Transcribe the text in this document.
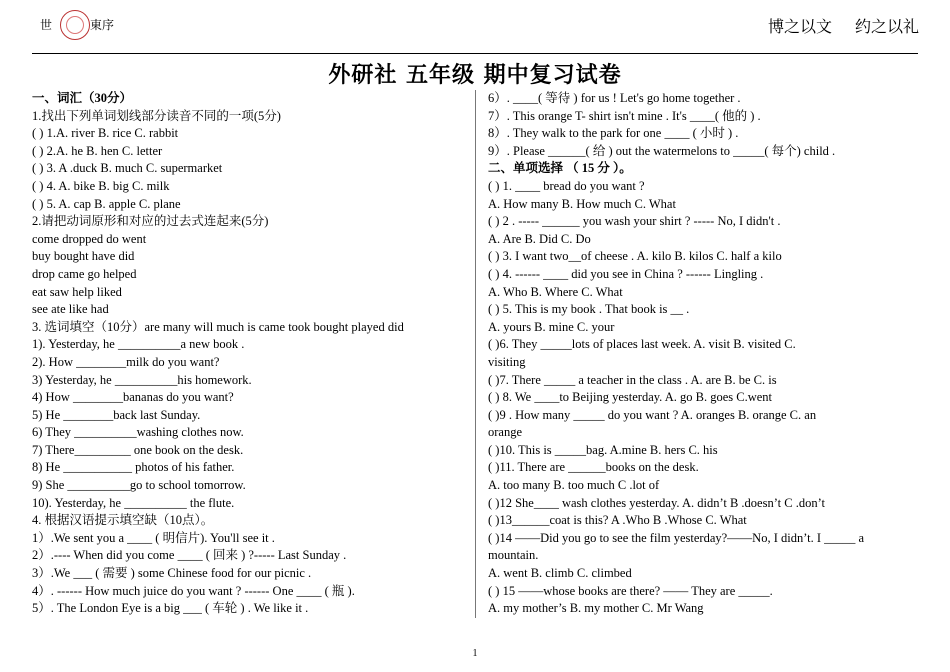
世	東序	博之以文 约之以礼
外研社 五年级 期中复习试卷
一、词汇（30分）
1.找出下列单词划线部分读音不同的一项(5分)
( ) 1.A. river B. rice C. rabbit
( ) 2.A. he B. hen C. letter
( ) 3. A .duck B. much C. supermarket
( ) 4. A. bike B. big C. milk
( ) 5. A. cap B. apple C. plane
2.请把动词原形和对应的过去式连起来(5分)
come dropped do went
buy bought have did
drop came go helped
eat saw help liked
see ate like had
3. 选词填空（10分）are many will much is came took bought played did
1). Yesterday, he __________a new book .
2). How ________milk do you want?
3) Yesterday, he __________his homework.
4) How ________bananas do you want?
5) He ________back last Sunday.
6) They __________washing clothes now.
7) There_________ one book on the desk.
8) He ___________ photos of his father.
9) She __________go to school tomorrow.
10). Yesterday, he __________ the flute.
4. 根据汉语提示填空缺（10点）。
1）.We sent you a ____ ( 明信片). You'll see it .
2）.---- When did you come ____ ( 回来 ) ?----- Last Sunday .
3）.We ___ ( 需要 ) some Chinese food for our picnic .
4）. ------ How much juice do you want ? ------ One ____ ( 瓶 ).
5）. The London Eye is a big ___ ( 车轮 ) . We like it .
6）. ____( 等待 ) for us ! Let's go home together .
7）. This orange T- shirt isn't mine . It's ____( 他的 ) .
8）. They walk to the park for one ____ ( 小时 ) .
9）. Please ______( 给 ) out the watermelons to _____( 每个) child .
二、单项选择 （ 15 分 ）。
( ) 1. ____ bread do you want ?
A. How many B. How much C. What
( ) 2 . ----- ______ you wash your shirt ? ----- No, I didn't .
A. Are B. Did C. Do
( ) 3. I want two__of cheese . A. kilo B. kilos C. half a kilo
( ) 4. ------ ____ did you see in China ? ------ Lingling .
A. Who B. Where C. What
( ) 5. This is my book . That book is __ .
A. yours B. mine C. your
( )6. They _____lots of places last week. A. visit B. visited C.
visiting
( )7. There _____ a teacher in the class . A. are B. be C. is
( ) 8. We ____to Beijing yesterday. A. go B. goes C.went
( )9 . How many _____ do you want ? A. oranges B. orange C. an
orange
( )10. This is _____bag. A.mine B. hers C. his
( )11. There are ______books on the desk.
A. too many B. too much C .lot of
( )12 She____ wash clothes yesterday. A. didn’t B .doesn’t C .don’t
( )13______coat is this? A .Who B .Whose C. What
( )14 ——Did you go to see the film yesterday?——No, I didn’t. I _____ a
mountain.
A. went B. climb C. climbed
( ) 15 ——whose books are there? —— They are _____.
A. my mother’s B. my mother C. Mr Wang
1
